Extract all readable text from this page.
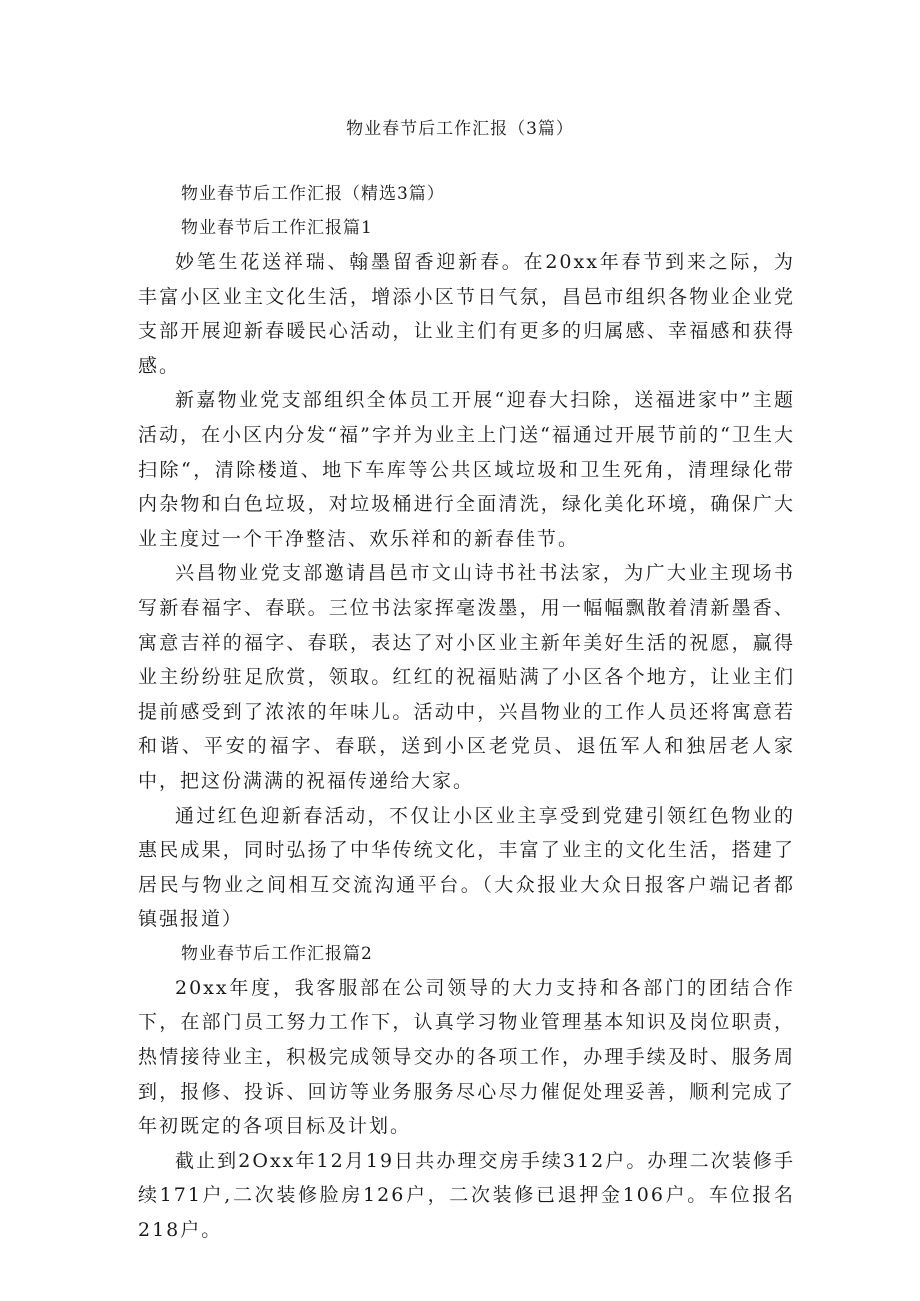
物业春节后工作汇报（3篇）

物业春节后工作汇报（精选3篇）

物业春节后工作汇报篇1

妙笔生花送祥瑞、翰墨留香迎新春。在20xx年春节到来之际，为丰富小区业主文化生活，增添小区节日气氛，昌邑市组织各物业企业党支部开展迎新春暖民心活动，让业主们有更多的归属感、幸福感和获得感。

新嘉物业党支部组织全体员工开展“迎春大扫除，送福进家中”主题活动，在小区内分发“福”字并为业主上门送“福通过开展节前的“卫生大扫除“，清除楼道、地下车库等公共区域垃圾和卫生死角，清理绿化带内杂物和白色垃圾，对垃圾桶进行全面清洗，绿化美化环境，确保广大业主度过一个干净整洁、欢乐祥和的新春佳节。

兴昌物业党支部邀请昌邑市文山诗书社书法家，为广大业主现场书写新春福字、春联。三位书法家挥毫泼墨，用一幅幅飘散着清新墨香、寓意吉祥的福字、春联，表达了对小区业主新年美好生活的祝愿，赢得业主纷纷驻足欣赏，领取。红红的祝福贴满了小区各个地方，让业主们提前感受到了浓浓的年味儿。活动中，兴昌物业的工作人员还将寓意若和谐、平安的福字、春联，送到小区老党员、退伍军人和独居老人家中，把这份满满的祝福传递给大家。

通过红色迎新春活动，不仅让小区业主享受到党建引领红色物业的惠民成果，同时弘扬了中华传统文化，丰富了业主的文化生活，搭建了居民与物业之间相互交流沟通平台。（大众报业大众日报客户端记者都镇强报道）

物业春节后工作汇报篇2

20xx年度，我客服部在公司领导的大力支持和各部门的团结合作下，在部门员工努力工作下，认真学习物业管理基本知识及岗位职责，热情接待业主，积极完成领导交办的各项工作，办理手续及时、服务周到，报修、投诉、回访等业务服务尽心尽力催促处理妥善，顺利完成了年初既定的各项目标及计划。

截止到2Oxx年12月19日共办理交房手续312户。办理二次装修手续171户,二次装修脸房126户，二次装修已退押金106户。车位报名218户。
